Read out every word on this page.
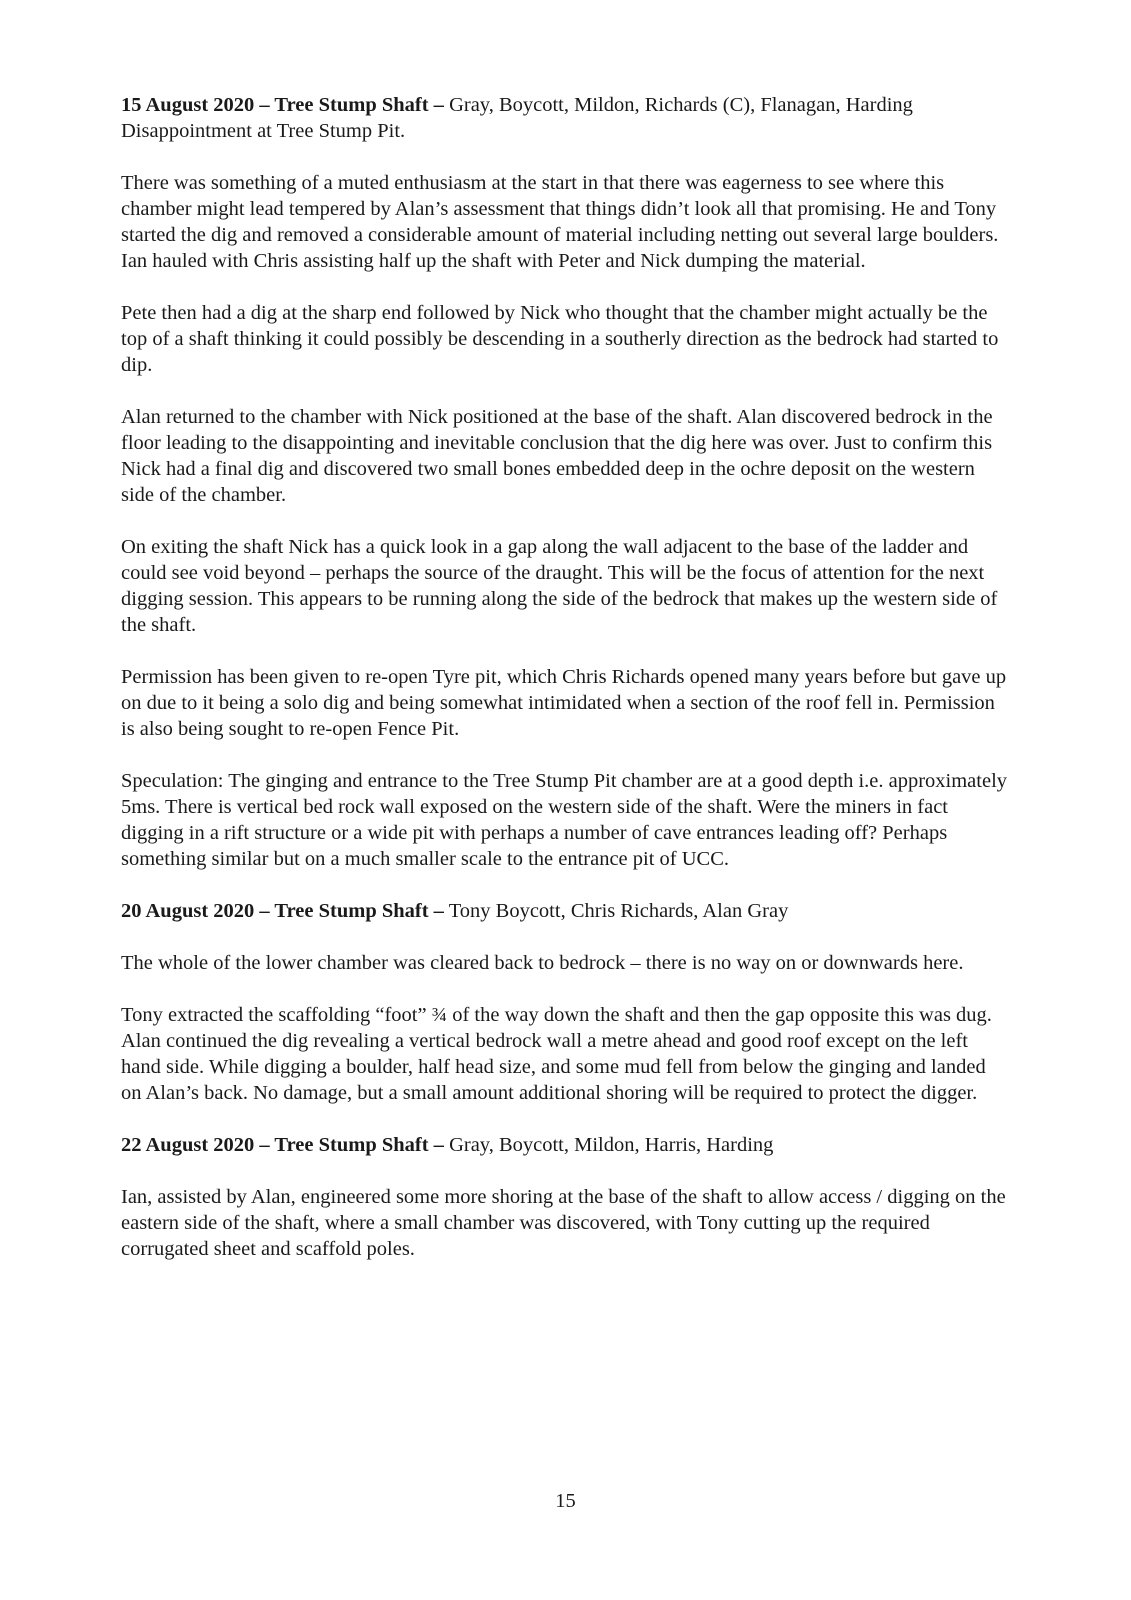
15 August 2020 – Tree Stump Shaft – Gray, Boycott, Mildon, Richards (C), Flanagan, Harding
Disappointment at Tree Stump Pit.

There was something of a muted enthusiasm at the start in that there was eagerness to see where this chamber might lead tempered by Alan’s assessment that things didn’t look all that promising. He and Tony started the dig and removed a considerable amount of material including netting out several large boulders. Ian hauled with Chris assisting half up the shaft with Peter and Nick dumping the material.

Pete then had a dig at the sharp end followed by Nick who thought that the chamber might actually be the top of a shaft thinking it could possibly be descending in a southerly direction as the bedrock had started to dip.

Alan returned to the chamber with Nick positioned at the base of the shaft. Alan discovered bedrock in the floor leading to the disappointing and inevitable conclusion that the dig here was over. Just to confirm this Nick had a final dig and discovered two small bones embedded deep in the ochre deposit on the western side of the chamber.

On exiting the shaft Nick has a quick look in a gap along the wall adjacent to the base of the ladder and could see void beyond – perhaps the source of the draught. This will be the focus of attention for the next digging session. This appears to be running along the side of the bedrock that makes up the western side of the shaft.

Permission has been given to re-open Tyre pit, which Chris Richards opened many years before but gave up on due to it being a solo dig and being somewhat intimidated when a section of the roof fell in. Permission is also being sought to re-open Fence Pit.

Speculation: The ginging and entrance to the Tree Stump Pit chamber are at a good depth i.e. approximately 5ms. There is vertical bed rock wall exposed on the western side of the shaft. Were the miners in fact digging in a rift structure or a wide pit with perhaps a number of cave entrances leading off? Perhaps something similar but on a much smaller scale to the entrance pit of UCC.

20 August 2020 – Tree Stump Shaft – Tony Boycott, Chris Richards, Alan Gray

The whole of the lower chamber was cleared back to bedrock – there is no way on or downwards here.

Tony extracted the scaffolding “foot” ¾ of the way down the shaft and then the gap opposite this was dug. Alan continued the dig revealing a vertical bedrock wall a metre ahead and good roof except on the left hand side. While digging a boulder, half head size, and some mud fell from below the ginging and landed on Alan’s back. No damage, but a small amount additional shoring will be required to protect the digger.

22 August 2020 – Tree Stump Shaft – Gray, Boycott, Mildon, Harris, Harding

Ian, assisted by Alan, engineered some more shoring at the base of the shaft to allow access / digging on the eastern side of the shaft, where a small chamber was discovered, with Tony cutting up the required corrugated sheet and scaffold poles.

15
